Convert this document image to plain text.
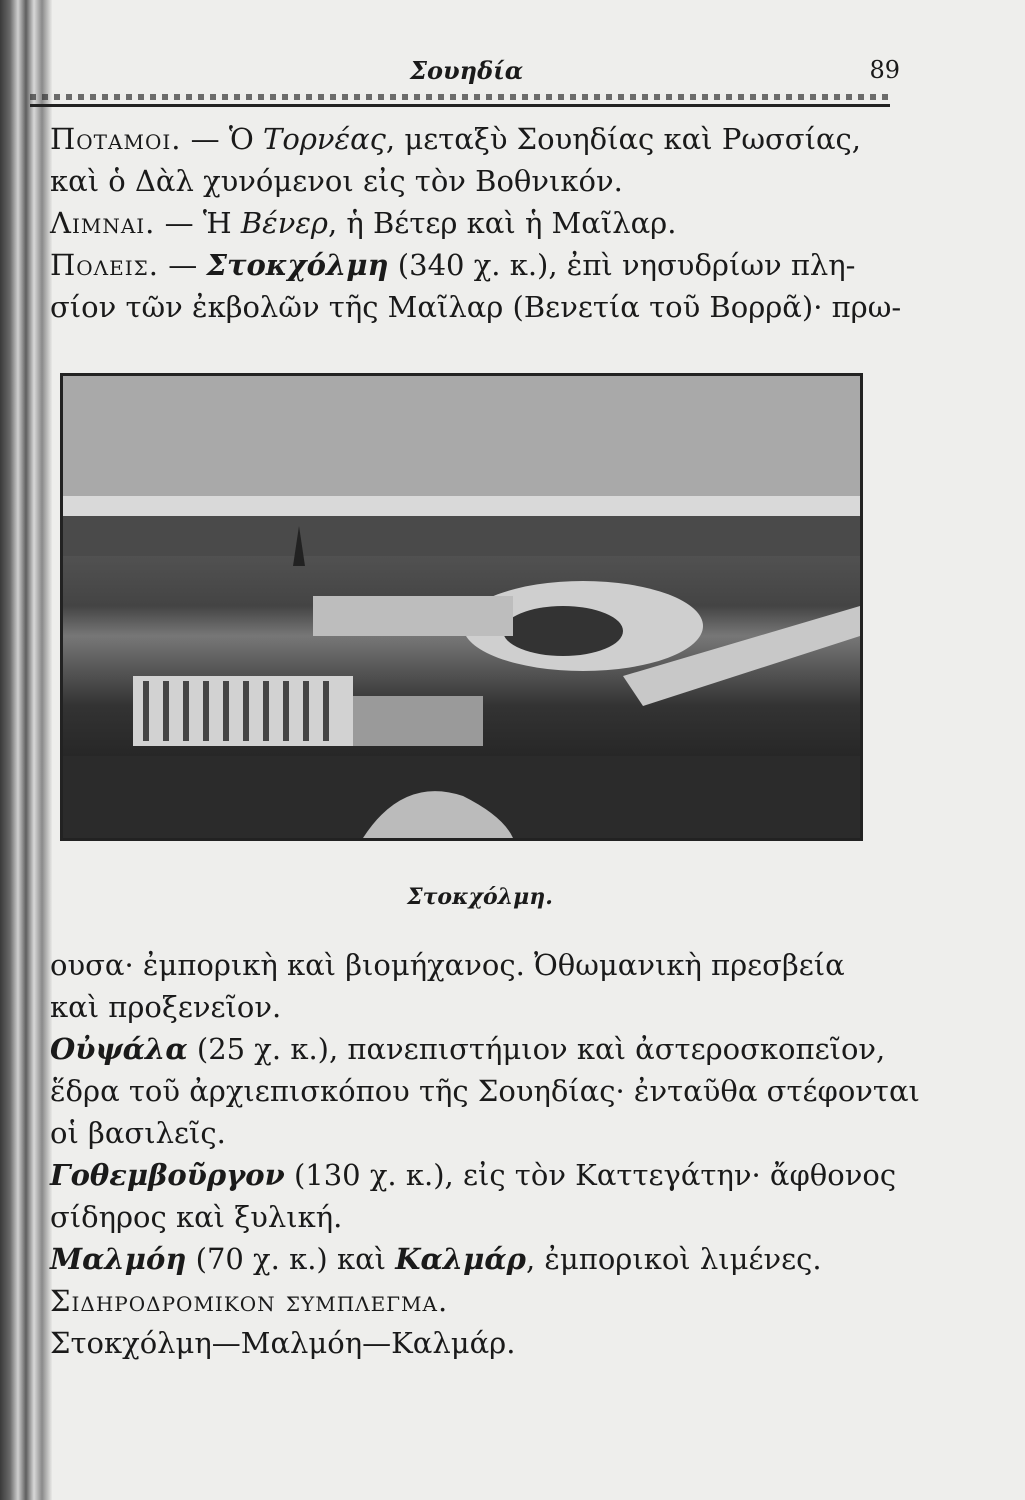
Σουηδία	89
Ποταμοι. — Ὁ Τορνέας, μεταξὺ Σουηδίας καὶ Ρωσσίας,
καὶ ὁ Δὰλ χυνόμενοι εἰς τὸν Βοθνικόν.
Λιμναι. — Ἡ Βένερ, ἡ Βέτερ καὶ ἡ Μαῖλαρ.
Πολεις. — Στοκχόλμη (340 χ. κ.), ἐπὶ νησυδρίων πλη-
σίον τῶν ἐκβολῶν τῆς Μαῖλαρ (Βενετία τοῦ Βορρᾶ)· πρω-
Στοκχόλμη.
ουσα· ἐμπορικὴ καὶ βιομήχανος. Ὀθωμανικὴ πρεσβεία
καὶ προξενεῖον.
Οὐψάλα (25 χ. κ.), πανεπιστήμιον καὶ ἀστεροσκοπεῖον,
ἕδρα τοῦ ἀρχιεπισκόπου τῆς Σουηδίας· ἐνταῦθα στέφονται
οἱ βασιλεῖς.
Γοθεμβοῦργον (130 χ. κ.), εἰς τὸν Καττεγάτην· ἄφθονος
σίδηρος καὶ ξυλική.
Μαλμόη (70 χ. κ.) καὶ Καλμάρ, ἐμπορικοὶ λιμένες.
Σιδηροδρομικον συμπλεγμα.
Στοκχόλμη—Μαλμόη—Καλμάρ.
